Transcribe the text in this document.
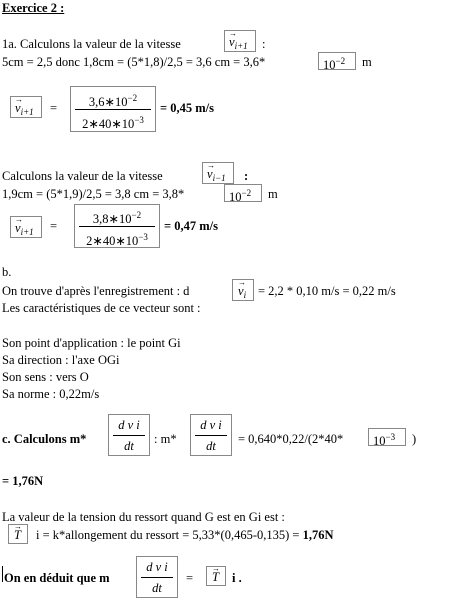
Exercice 2 :
1a. Calculons la valeur de la vitesse	$v \to_{i+1}$ :
5cm = 2,5 donc 1,8cm = (5*1,8)/2,5 = 3,6 cm = 3,6*	$10^{-2}$ m
$v \to_{i+1}$ =	$3,6∗10^{-2}$
$2∗40∗10^{-3}$
= 0,45 m/s
Calculons la valeur de la vitesse	$v \to_{i-1}$ :
1,9cm = (5*1,9)/2,5 = 3,8 cm = 3,8*	$10^{-2}$ m
$v \to_{i+1}$ =	$3,8∗10^{-2}$
$2∗40∗10^{-3}$
= 0,47 m/s
b.
On trouve d'après l'enregistrement : d	$v \to_i = 2,2 * 0,10$ m/s = 0,22 m/s
Les caractéristiques de ce vecteur sont :
Son point d'application : le point Gi
Sa direction : l'axe OGi
Son sens : vers O
Sa norme : 0,22m/s
c. Calculons m*
d v i
dt	: m*
d v i
dt	= 0,640*0,22/(2*40* $10^{-3}$ )
= 1,76N
La valeur de la tension du ressort quand G est en Gi est :
T → i = k*allongement du ressort = 5,33*(0,465-0,135) = 1,76N
On en déduit que m
d v i
dt
= T → i .
